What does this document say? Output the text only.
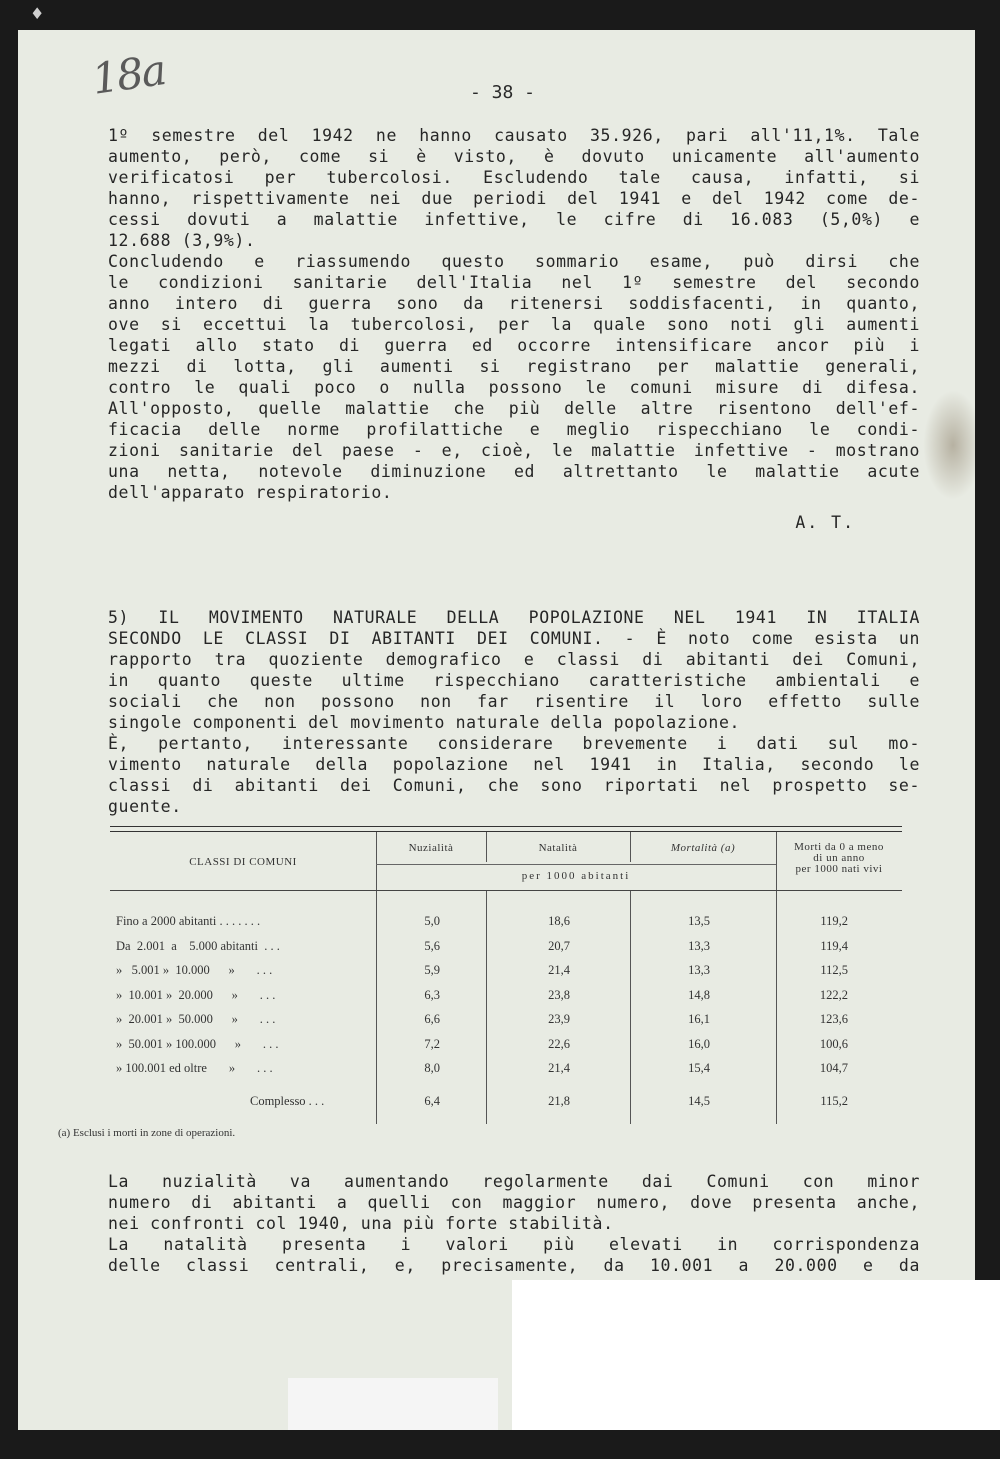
♦
18a	- 38 -
1º semestre del 1942 ne hanno causato 35.926, pari all'11,1%. Tale
aumento, però, come si è visto, è dovuto unicamente all'aumento
verificatosi per tubercolosi. Escludendo tale causa, infatti, si
hanno, rispettivamente nei due periodi del 1941 e del 1942 come de-
cessi dovuti a malattie infettive, le cifre di 16.083 (5,0%) e
12.688 (3,9%).
Concludendo e riassumendo questo sommario esame, può dirsi che
le condizioni sanitarie dell'Italia nel 1º semestre del secondo
anno intero di guerra sono da ritenersi soddisfacenti, in quanto,
ove si eccettui la tubercolosi, per la quale sono noti gli aumenti
legati allo stato di guerra ed occorre intensificare ancor più i
mezzi di lotta, gli aumenti si registrano per malattie generali,
contro le quali poco o nulla possono le comuni misure di difesa.
All'opposto, quelle malattie che più delle altre risentono dell'ef-
ficacia delle norme profilattiche e meglio rispecchiano le condi-
zioni sanitarie del paese - e, cioè, le malattie infettive - mostrano
una netta, notevole diminuzione ed altrettanto le malattie acute
dell'apparato respiratorio.
A. T.
5) IL MOVIMENTO NATURALE DELLA POPOLAZIONE NEL 1941 IN ITALIA
SECONDO LE CLASSI DI ABITANTI DEI COMUNI. - È noto come esista un
rapporto tra quoziente demografico e classi di abitanti dei Comuni,
in quanto queste ultime rispecchiano caratteristiche ambientali e
sociali che non possono non far risentire il loro effetto sulle
singole componenti del movimento naturale della popolazione.
È, pertanto, interessante considerare brevemente i dati sul mo-
vimento naturale della popolazione nel 1941 in Italia, secondo le
classi di abitanti dei Comuni, che sono riportati nel prospetto se-
guente.
CLASSI DI COMUNI
Nuzialità	Natalità	Mortalità (a)
per 1000 abitanti
Morti da 0 a meno
di un anno
per 1000 nati vivi
Fino a 2000 abitanti . . . . . . .	5,0	18,6	13,5	119,2
Da  2.001  a    5.000 abitanti  . . .	5,6	20,7	13,3	119,4
»   5.001 »  10.000      »       . . .	5,9	21,4	13,3	112,5
»  10.001 »  20.000      »       . . .	6,3	23,8	14,8	122,2
»  20.001 »  50.000      »       . . .	6,6	23,9	16,1	123,6
»  50.001 » 100.000      »       . . .	7,2	22,6	16,0	100,6
» 100.001 ed oltre       »       . . .	8,0	21,4	15,4	104,7
Complesso . . .	6,4	21,8	14,5	115,2
(a) Esclusi i morti in zone di operazioni.
La nuzialità va aumentando regolarmente dai Comuni con minor
numero di abitanti a quelli con maggior numero, dove presenta anche,
nei confronti col 1940, una più forte stabilità.
La natalità presenta i valori più elevati in corrispondenza
delle classi centrali, e, precisamente, da 10.001 a 20.000 e da
